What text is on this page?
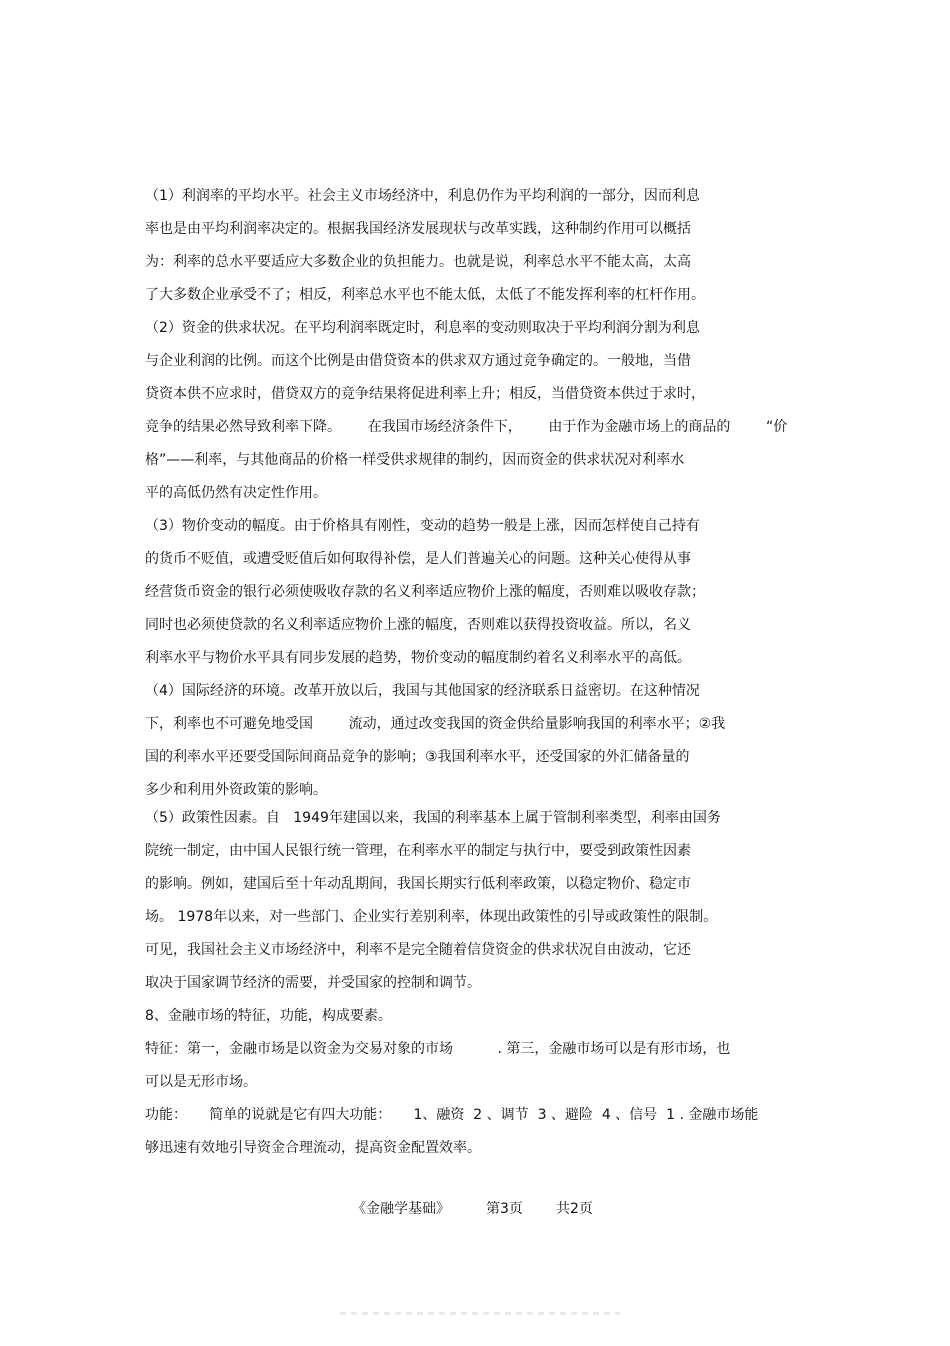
（1）利润率的平均水平。社会主义市场经济中，利息仍作为平均利润的一部分，因而利息
率也是由平均利润率决定的。根据我国经济发展现状与改革实践，这种制约作用可以概括
为：利率的总水平要适应大多数企业的负担能力。也就是说，利率总水平不能太高，太高
了大多数企业承受不了；相反，利率总水平也不能太低，太低了不能发挥利率的杠杆作用。
（2）资金的供求状况。在平均利润率既定时，利息率的变动则取决于平均利润分割为利息
与企业利润的比例。而这个比例是由借贷资本的供求双方通过竞争确定的。一般地，当借
贷资本供不应求时，借贷双方的竞争结果将促进利率上升；相反，当借贷资本供过于求时，
竞争的结果必然导致利率下降。      在我国市场经济条件下，      由于作为金融市场上的商品的        “价
格”——利率，与其他商品的价格一样受供求规律的制约，因而资金的供求状况对利率水
平的高低仍然有决定性作用。
（3）物价变动的幅度。由于价格具有刚性，变动的趋势一般是上涨，因而怎样使自己持有
的货币不贬值，或遭受贬值后如何取得补偿，是人们普遍关心的问题。这种关心使得从事
经营货币资金的银行必须使吸收存款的名义利率适应物价上涨的幅度，否则难以吸收存款；
同时也必须使贷款的名义利率适应物价上涨的幅度，否则难以获得投资收益。所以，名义
利率水平与物价水平具有同步发展的趋势，物价变动的幅度制约着名义利率水平的高低。
（4）国际经济的环境。改革开放以后，我国与其他国家的经济联系日益密切。在这种情况
下，利率也不可避免地受国        流动，通过改变我国的资金供给量影响我国的利率水平；②我
国的利率水平还要受国际间商品竞争的影响；③我国利率水平，还受国家的外汇储备量的
多少和利用外资政策的影响。
（5）政策性因素。自   1949年建国以来，我国的利率基本上属于管制利率类型，利率由国务
院统一制定，由中国人民银行统一管理，在利率水平的制定与执行中，要受到政策性因素
的影响。例如，建国后至十年动乱期间，我国长期实行低利率政策，以稳定物价、稳定市
场。 1978年以来，对一些部门、企业实行差别利率，体现出政策性的引导或政策性的限制。
可见，我国社会主义市场经济中，利率不是完全随着信贷资金的供求状况自由波动，它还
取决于国家调节经济的需要，并受国家的控制和调节。
8、金融市场的特征，功能，构成要素。
特征：第一，金融市场是以资金为交易对象的市场          . 第三，金融市场可以是有形市场，也
可以是无形市场。
功能：     简单的说就是它有四大功能：     1、融资  2 、调节  3 、避险  4 、信号  1 . 金融市场能
够迅速有效地引导资金合理流动，提高资金配置效率。
《金融学基础》	第3页 共2页
